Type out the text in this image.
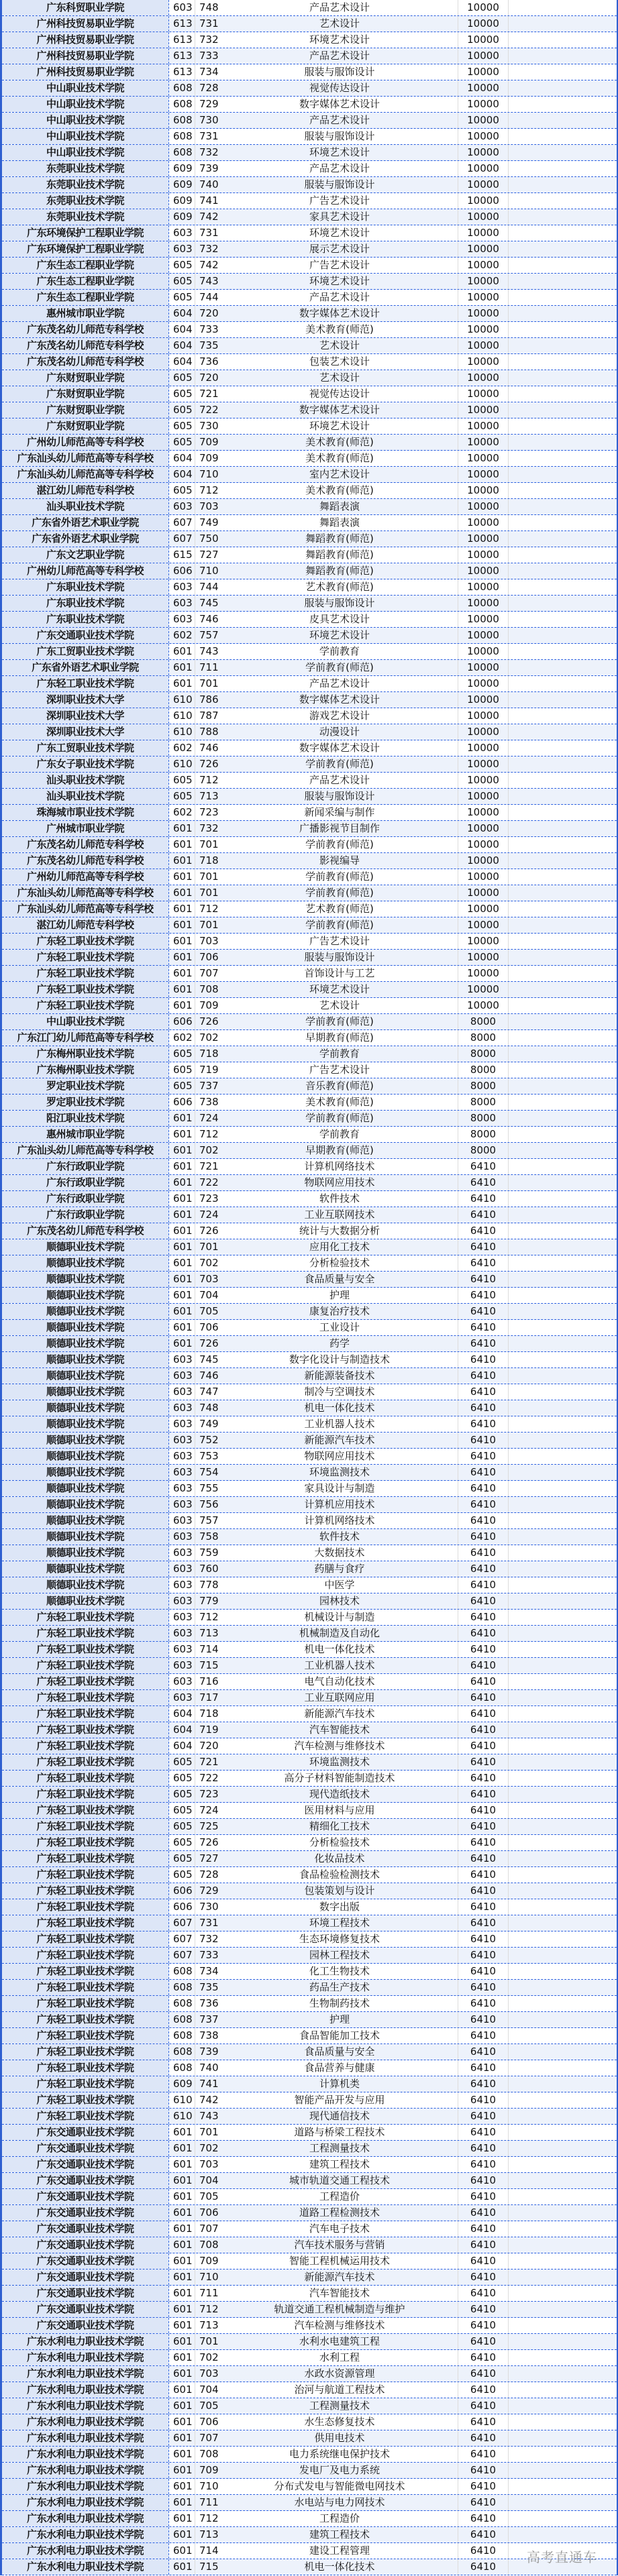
广东科贸职业学院	603 748	产品艺术设计	10000
广州科技贸易职业学院	613 731	艺术设计	10000
广州科技贸易职业学院	613 732	环境艺术设计	10000
广州科技贸易职业学院	613 733	产品艺术设计	10000
广州科技贸易职业学院	613 734	服装与服饰设计	10000
中山职业技术学院	608 728	视觉传达设计	10000
中山职业技术学院	608 729	数字媒体艺术设计	10000
中山职业技术学院	608 730	产品艺术设计	10000
中山职业技术学院	608 731	服装与服饰设计	10000
中山职业技术学院	608 732	环境艺术设计	10000
东莞职业技术学院	609 739	产品艺术设计	10000
东莞职业技术学院	609 740	服装与服饰设计	10000
东莞职业技术学院	609 741	广告艺术设计	10000
东莞职业技术学院	609 742	家具艺术设计	10000
广东环境保护工程职业学院	603 731	环境艺术设计	10000
广东环境保护工程职业学院	603 732	展示艺术设计	10000
广东生态工程职业学院	605 742	广告艺术设计	10000
广东生态工程职业学院	605 743	环境艺术设计	10000
广东生态工程职业学院	605 744	产品艺术设计	10000
惠州城市职业学院	604 720	数字媒体艺术设计	10000
广东茂名幼儿师范专科学校	604 733	美术教育(师范)	10000
广东茂名幼儿师范专科学校	604 735	艺术设计	10000
广东茂名幼儿师范专科学校	604 736	包装艺术设计	10000
广东财贸职业学院	605 720	艺术设计	10000
广东财贸职业学院	605 721	视觉传达设计	10000
广东财贸职业学院	605 722	数字媒体艺术设计	10000
广东财贸职业学院	605 730	环境艺术设计	10000
广州幼儿师范高等专科学校	605 709	美术教育(师范)	10000
广东汕头幼儿师范高等专科学校	604 709	美术教育(师范)	10000
广东汕头幼儿师范高等专科学校	604 710	室内艺术设计	10000
湛江幼儿师范专科学校	605 712	美术教育(师范)	10000
汕头职业技术学院	603 703	舞蹈表演	10000
广东省外语艺术职业学院	607 749	舞蹈表演	10000
广东省外语艺术职业学院	607 750	舞蹈教育(师范)	10000
广东文艺职业学院	615 727	舞蹈教育(师范)	10000
广州幼儿师范高等专科学校	606 710	舞蹈教育(师范)	10000
广东职业技术学院	603 744	艺术教育(师范)	10000
广东职业技术学院	603 745	服装与服饰设计	10000
广东职业技术学院	603 746	皮具艺术设计	10000
广东交通职业技术学院	602 757	环境艺术设计	10000
广东工贸职业技术学院	601 743	学前教育	10000
广东省外语艺术职业学院	601 711	学前教育(师范)	10000
广东轻工职业技术学院	601 701	产品艺术设计	10000
深圳职业技术大学	610 786	数字媒体艺术设计	10000
深圳职业技术大学	610 787	游戏艺术设计	10000
深圳职业技术大学	610 788	动漫设计	10000
广东工贸职业技术学院	602 746	数字媒体艺术设计	10000
广东女子职业技术学院	610 726	学前教育(师范)	10000
汕头职业技术学院	605 712	产品艺术设计	10000
汕头职业技术学院	605 713	服装与服饰设计	10000
珠海城市职业技术学院	602 723	新闻采编与制作	10000
广州城市职业学院	601 732	广播影视节目制作	10000
广东茂名幼儿师范专科学校	601 701	学前教育(师范)	10000
广东茂名幼儿师范专科学校	601 718	影视编导	10000
广州幼儿师范高等专科学校	601 701	学前教育(师范)	10000
广东汕头幼儿师范高等专科学校	601 701	学前教育(师范)	10000
广东汕头幼儿师范高等专科学校	601 712	艺术教育(师范)	10000
湛江幼儿师范专科学校	601 701	学前教育(师范)	10000
广东轻工职业技术学院	601 703	广告艺术设计	10000
广东轻工职业技术学院	601 706	服装与服饰设计	10000
广东轻工职业技术学院	601 707	首饰设计与工艺	10000
广东轻工职业技术学院	601 708	环境艺术设计	10000
广东轻工职业技术学院	601 709	艺术设计	10000
中山职业技术学院	606 726	学前教育(师范)	8000
广东江门幼儿师范高等专科学校	602 702	早期教育(师范)	8000
广东梅州职业技术学院	605 718	学前教育	8000
广东梅州职业技术学院	605 719	广告艺术设计	8000
罗定职业技术学院	605 737	音乐教育(师范)	8000
罗定职业技术学院	606 738	美术教育(师范)	8000
阳江职业技术学院	601 724	学前教育(师范)	8000
惠州城市职业学院	601 712	学前教育	8000
广东汕头幼儿师范高等专科学校	601 702	早期教育(师范)	8000
广东行政职业学院	601 721	计算机网络技术	6410
广东行政职业学院	601 722	物联网应用技术	6410
广东行政职业学院	601 723	软件技术	6410
广东行政职业学院	601 724	工业互联网技术	6410
广东茂名幼儿师范专科学校	601 726	统计与大数据分析	6410
顺德职业技术学院	601 701	应用化工技术	6410
顺德职业技术学院	601 702	分析检验技术	6410
顺德职业技术学院	601 703	食品质量与安全	6410
顺德职业技术学院	601 704	护理	6410
顺德职业技术学院	601 705	康复治疗技术	6410
顺德职业技术学院	601 706	工业设计	6410
顺德职业技术学院	601 726	药学	6410
顺德职业技术学院	603 745	数字化设计与制造技术	6410
顺德职业技术学院	603 746	新能源装备技术	6410
顺德职业技术学院	603 747	制冷与空调技术	6410
顺德职业技术学院	603 748	机电一体化技术	6410
顺德职业技术学院	603 749	工业机器人技术	6410
顺德职业技术学院	603 752	新能源汽车技术	6410
顺德职业技术学院	603 753	物联网应用技术	6410
顺德职业技术学院	603 754	环境监测技术	6410
顺德职业技术学院	603 755	家具设计与制造	6410
顺德职业技术学院	603 756	计算机应用技术	6410
顺德职业技术学院	603 757	计算机网络技术	6410
顺德职业技术学院	603 758	软件技术	6410
顺德职业技术学院	603 759	大数据技术	6410
顺德职业技术学院	603 760	药膳与食疗	6410
顺德职业技术学院	603 778	中医学	6410
顺德职业技术学院	603 779	园林技术	6410
广东轻工职业技术学院	603 712	机械设计与制造	6410
广东轻工职业技术学院	603 713	机械制造及自动化	6410
广东轻工职业技术学院	603 714	机电一体化技术	6410
广东轻工职业技术学院	603 715	工业机器人技术	6410
广东轻工职业技术学院	603 716	电气自动化技术	6410
广东轻工职业技术学院	603 717	工业互联网应用	6410
广东轻工职业技术学院	604 718	新能源汽车技术	6410
广东轻工职业技术学院	604 719	汽车智能技术	6410
广东轻工职业技术学院	604 720	汽车检测与维修技术	6410
广东轻工职业技术学院	605 721	环境监测技术	6410
广东轻工职业技术学院	605 722	高分子材料智能制造技术	6410
广东轻工职业技术学院	605 723	现代造纸技术	6410
广东轻工职业技术学院	605 724	医用材料与应用	6410
广东轻工职业技术学院	605 725	精细化工技术	6410
广东轻工职业技术学院	605 726	分析检验技术	6410
广东轻工职业技术学院	605 727	化妆品技术	6410
广东轻工职业技术学院	605 728	食品检验检测技术	6410
广东轻工职业技术学院	606 729	包装策划与设计	6410
广东轻工职业技术学院	606 730	数字出版	6410
广东轻工职业技术学院	607 731	环境工程技术	6410
广东轻工职业技术学院	607 732	生态环境修复技术	6410
广东轻工职业技术学院	607 733	园林工程技术	6410
广东轻工职业技术学院	608 734	化工生物技术	6410
广东轻工职业技术学院	608 735	药品生产技术	6410
广东轻工职业技术学院	608 736	生物制药技术	6410
广东轻工职业技术学院	608 737	护理	6410
广东轻工职业技术学院	608 738	食品智能加工技术	6410
广东轻工职业技术学院	608 739	食品质量与安全	6410
广东轻工职业技术学院	608 740	食品营养与健康	6410
广东轻工职业技术学院	609 741	计算机类	6410
广东轻工职业技术学院	610 742	智能产品开发与应用	6410
广东轻工职业技术学院	610 743	现代通信技术	6410
广东交通职业技术学院	601 701	道路与桥梁工程技术	6410
广东交通职业技术学院	601 702	工程测量技术	6410
广东交通职业技术学院	601 703	建筑工程技术	6410
广东交通职业技术学院	601 704	城市轨道交通工程技术	6410
广东交通职业技术学院	601 705	工程造价	6410
广东交通职业技术学院	601 706	道路工程检测技术	6410
广东交通职业技术学院	601 707	汽车电子技术	6410
广东交通职业技术学院	601 708	汽车技术服务与营销	6410
广东交通职业技术学院	601 709	智能工程机械运用技术	6410
广东交通职业技术学院	601 710	新能源汽车技术	6410
广东交通职业技术学院	601 711	汽车智能技术	6410
广东交通职业技术学院	601 712	轨道交通工程机械制造与维护	6410
广东交通职业技术学院	601 713	汽车检测与维修技术	6410
广东水利电力职业技术学院	601 701	水利水电建筑工程	6410
广东水利电力职业技术学院	601 702	水利工程	6410
广东水利电力职业技术学院	601 703	水政水资源管理	6410
广东水利电力职业技术学院	601 704	治河与航道工程技术	6410
广东水利电力职业技术学院	601 705	工程测量技术	6410
广东水利电力职业技术学院	601 706	水生态修复技术	6410
广东水利电力职业技术学院	601 707	供用电技术	6410
广东水利电力职业技术学院	601 708	电力系统继电保护技术	6410
广东水利电力职业技术学院	601 709	发电厂及电力系统	6410
广东水利电力职业技术学院	601 710	分布式发电与智能微电网技术	6410
广东水利电力职业技术学院	601 711	水电站与电力网技术	6410
广东水利电力职业技术学院	601 712	工程造价	6410
广东水利电力职业技术学院	601 713	建筑工程技术	6410
广东水利电力职业技术学院	601 714	建设工程管理	6410
广东水利电力职业技术学院	601 715	机电一体化技术	6410
高考直通车
